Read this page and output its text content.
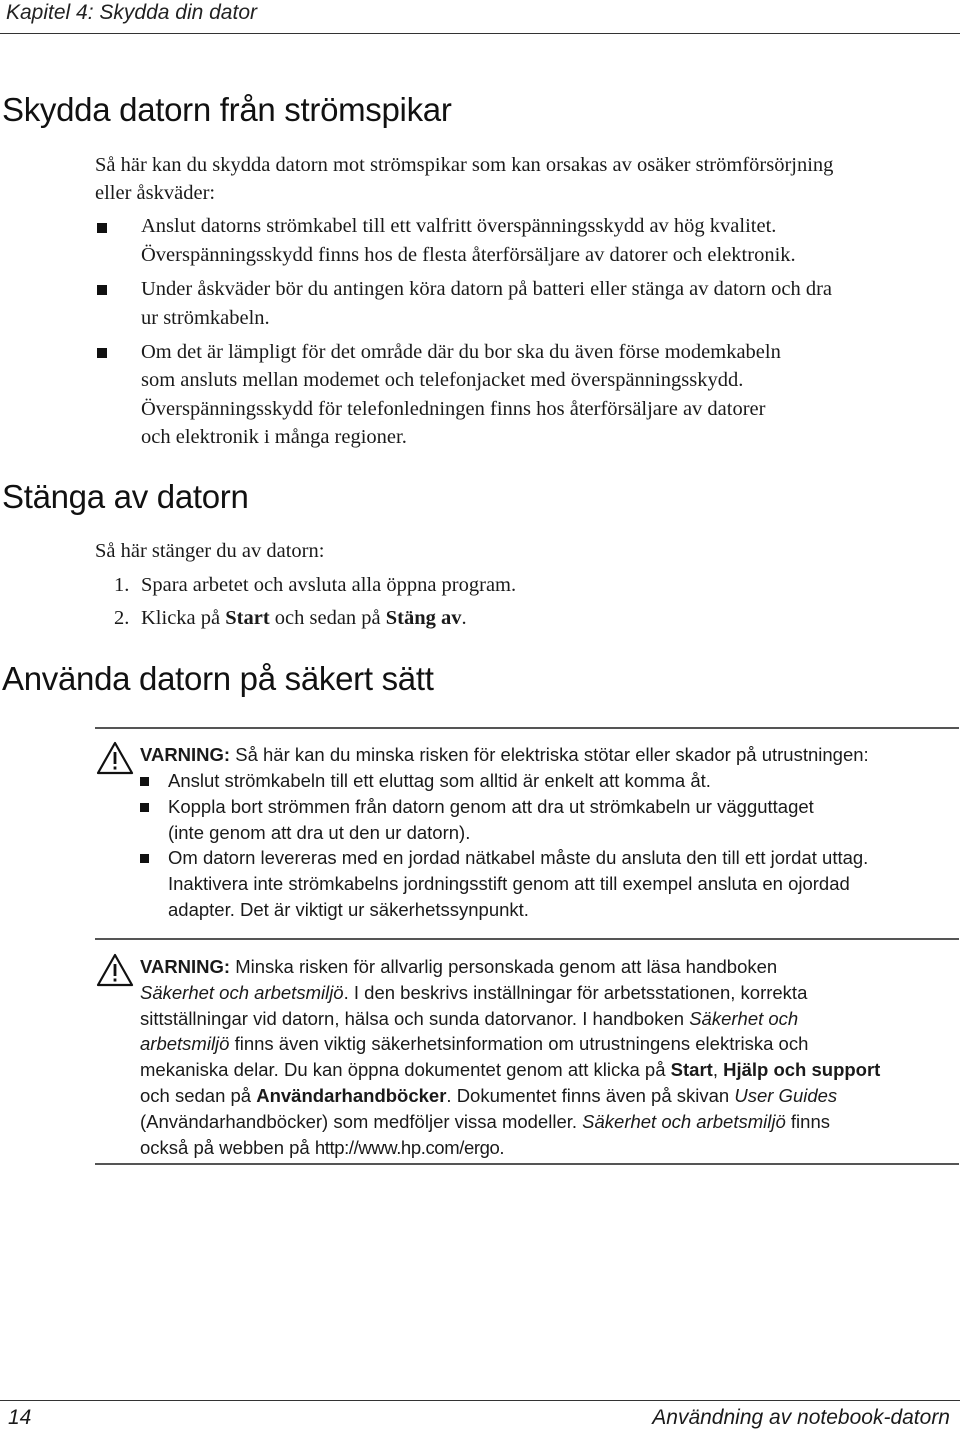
Kapitel 4: Skydda din dator
Skydda datorn från strömspikar

Så här kan du skydda datorn mot strömspikar som kan orsakas av osäker strömförsörjning

eller åskväder:

Anslut datorns strömkabel till ett valfritt överspänningsskydd av hög kvalitet.

Överspänningsskydd finns hos de flesta återförsäljare av datorer och elektronik.

Under åskväder bör du antingen köra datorn på batteri eller stänga av datorn och dra

ur strömkabeln.

Om det är lämpligt för det område där du bor ska du även förse modemkabeln

som ansluts mellan modemet och telefonjacket med överspänningsskydd.

Överspänningsskydd för telefonledningen finns hos återförsäljare av datorer

och elektronik i många regioner.

Stänga av datorn

Så här stänger du av datorn:

1. Spara arbetet och avsluta alla öppna program.

2. Klicka på Start och sedan på Stäng av.

Använda datorn på säkert sätt
VARNING: Så här kan du minska risken för elektriska stötar eller skador på utrustningen:
Anslut strömkabeln till ett eluttag som alltid är enkelt att komma åt.
Koppla bort strömmen från datorn genom att dra ut strömkabeln ur vägguttaget
(inte genom att dra ut den ur datorn).
Om datorn levereras med en jordad nätkabel måste du ansluta den till ett jordat uttag.
Inaktivera inte strömkabelns jordningsstift genom att till exempel ansluta en ojordad
adapter. Det är viktigt ur säkerhetssynpunkt.
VARNING: Minska risken för allvarlig personskada genom att läsa handboken
Säkerhet och arbetsmiljö. I den beskrivs inställningar för arbetsstationen, korrekta
sittställningar vid datorn, hälsa och sunda datorvanor. I handboken Säkerhet och
arbetsmiljö finns även viktig säkerhetsinformation om utrustningens elektriska och
mekaniska delar. Du kan öppna dokumentet genom att klicka på Start, Hjälp och support
och sedan på Användarhandböcker. Dokumentet finns även på skivan User Guides
(Användarhandböcker) som medföljer vissa modeller. Säkerhet och arbetsmiljö finns
också på webben på http://www.hp.com/ergo.
14	Användning av notebook-datorn
